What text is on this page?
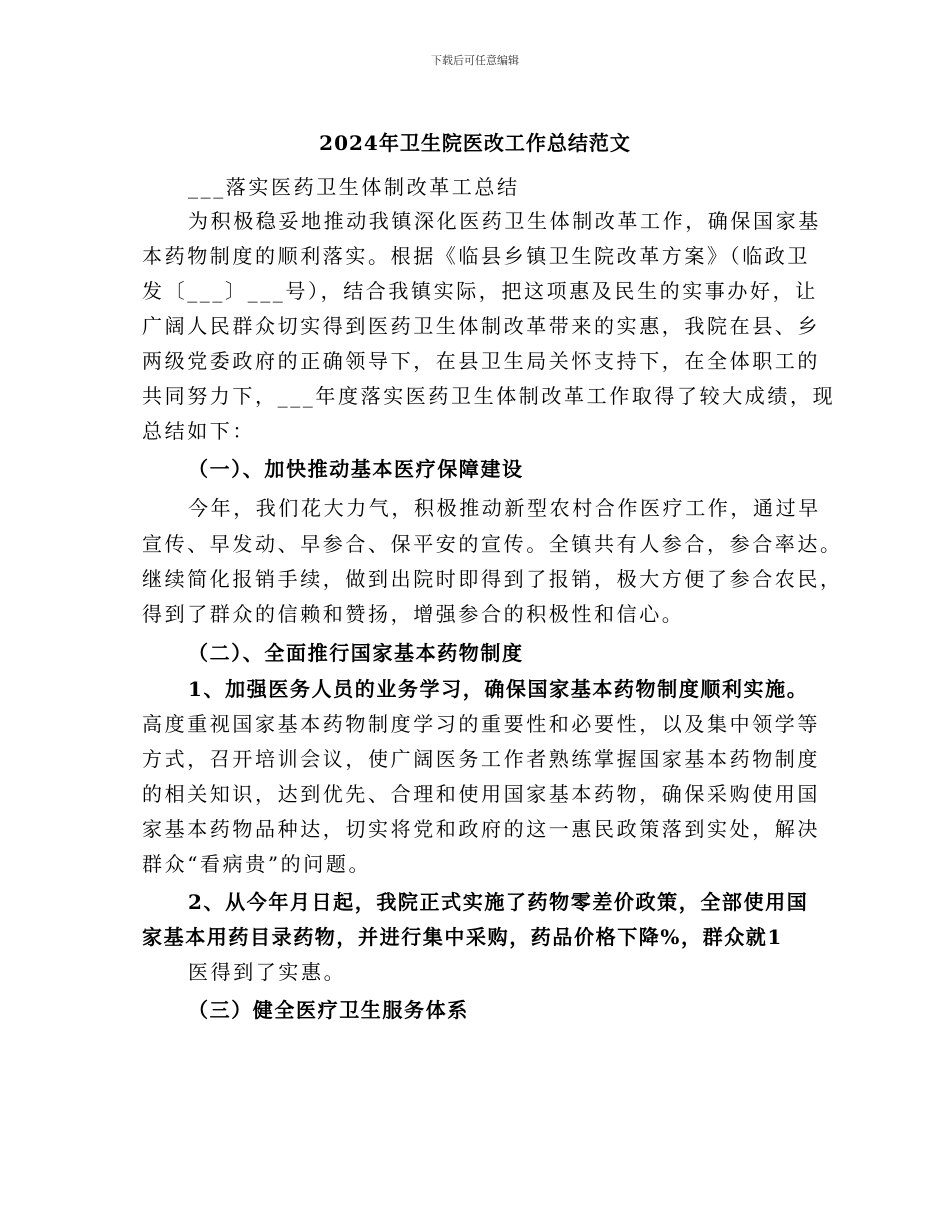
下载后可任意编辑
2024年卫生院医改工作总结范文
___落实医药卫生体制改革工总结
为积极稳妥地推动我镇深化医药卫生体制改革工作，确保国家基
本药物制度的顺利落实。根据《临县乡镇卫生院改革方案》（临政卫
发〔___〕___号），结合我镇实际，把这项惠及民生的实事办好，让
广阔人民群众切实得到医药卫生体制改革带来的实惠，我院在县、乡
两级党委政府的正确领导下，在县卫生局关怀支持下，在全体职工的
共同努力下，___年度落实医药卫生体制改革工作取得了较大成绩，现
总结如下：
（一）、加快推动基本医疗保障建设
今年，我们花大力气，积极推动新型农村合作医疗工作，通过早
宣传、早发动、早参合、保平安的宣传。全镇共有人参合，参合率达。
继续简化报销手续，做到出院时即得到了报销，极大方便了参合农民，
得到了群众的信赖和赞扬，增强参合的积极性和信心。
（二）、全面推行国家基本药物制度
1、加强医务人员的业务学习，确保国家基本药物制度顺利实施。
高度重视国家基本药物制度学习的重要性和必要性，以及集中领学等
方式，召开培训会议，使广阔医务工作者熟练掌握国家基本药物制度
的相关知识，达到优先、合理和使用国家基本药物，确保采购使用国
家基本药物品种达，切实将党和政府的这一惠民政策落到实处，解决
群众“看病贵”的问题。
2、从今年月日起，我院正式实施了药物零差价政策，全部使用国
家基本用药目录药物，并进行集中采购，药品价格下降%，群众就1
医得到了实惠。
（三）健全医疗卫生服务体系
